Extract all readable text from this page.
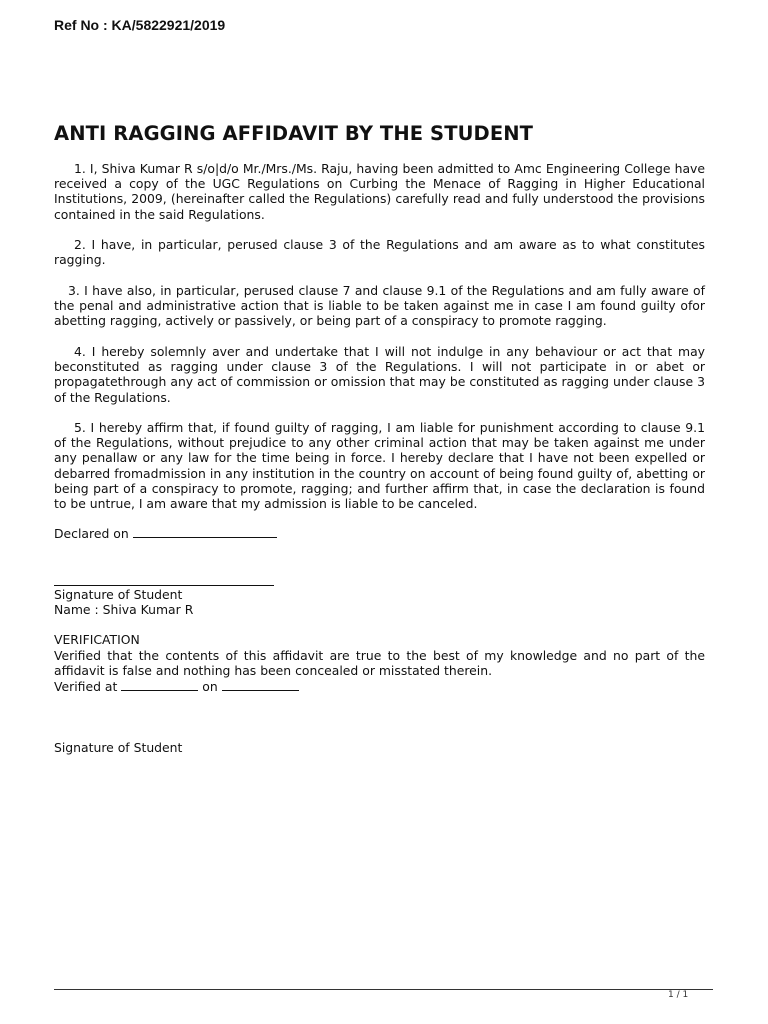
Ref No : KA/5822921/2019
ANTI RAGGING AFFIDAVIT BY THE STUDENT

1. I, Shiva Kumar R s/o|d/o Mr./Mrs./Ms. Raju, having been admitted to Amc Engineering College have received a copy of the UGC Regulations on Curbing the Menace of Ragging in Higher Educational Institutions, 2009, (hereinafter called the Regulations) carefully read and fully understood the provisions contained in the said Regulations.

2. I have, in particular, perused clause 3 of the Regulations and am aware as to what constitutes ragging.

3. I have also, in particular, perused clause 7 and clause 9.1 of the Regulations and am fully aware of the penal and administrative action that is liable to be taken against me in case I am found guilty ofor abetting ragging, actively or passively, or being part of a conspiracy to promote ragging.

4. I hereby solemnly aver and undertake that I will not indulge in any behaviour or act that may beconstituted as ragging under clause 3 of the Regulations. I will not participate in or abet or propagatethrough any act of commission or omission that may be constituted as ragging under clause 3 of the Regulations.

5. I hereby affirm that, if found guilty of ragging, I am liable for punishment according to clause 9.1 of the Regulations, without prejudice to any other criminal action that may be taken against me under any penallaw or any law for the time being in force. I hereby declare that I have not been expelled or debarred fromadmission in any institution in the country on account of being found guilty of, abetting or being part of a conspiracy to promote, ragging; and further affirm that, in case the declaration is found to be untrue, I am aware that my admission is liable to be canceled.

Declared on
Signature of Student
Name : Shiva Kumar R
VERIFICATION

Verified that the contents of this affidavit are true to the best of my knowledge and no part of the affidavit is false and nothing has been concealed or misstated therein.

Verified at	on
Signature of Student
1 / 1
